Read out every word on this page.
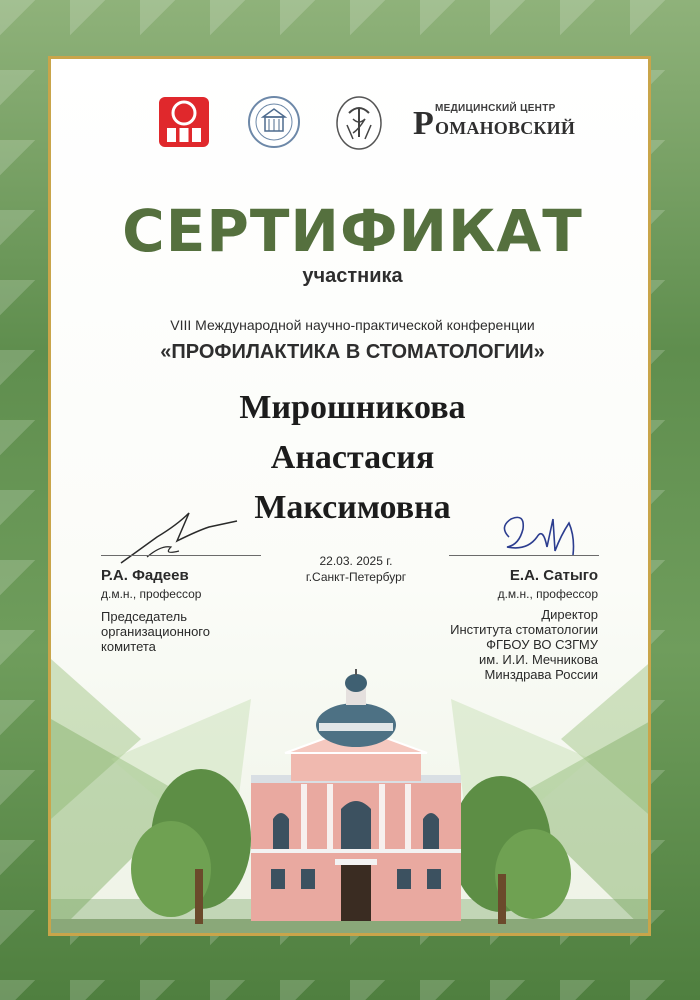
Р МЕДИЦИНСКИЙ ЦЕНТР
ОМАНОВСКИЙ
СЕРТИФИКАТ
участника
VIII Международной научно-практической конференции
«ПРОФИЛАКТИКА В СТОМАТОЛОГИИ»
Мирошникова
Анастасия
Максимовна
Р.А. Фадеев
д.м.н., профессор
Председатель
организационного
комитета
22.03. 2025 г.
г.Санкт-Петербург	Е.А. Сатыго
д.м.н., профессор
Директор
Института стоматологии
ФГБОУ ВО СЗГМУ
им. И.И. Мечникова
Минздрава России
